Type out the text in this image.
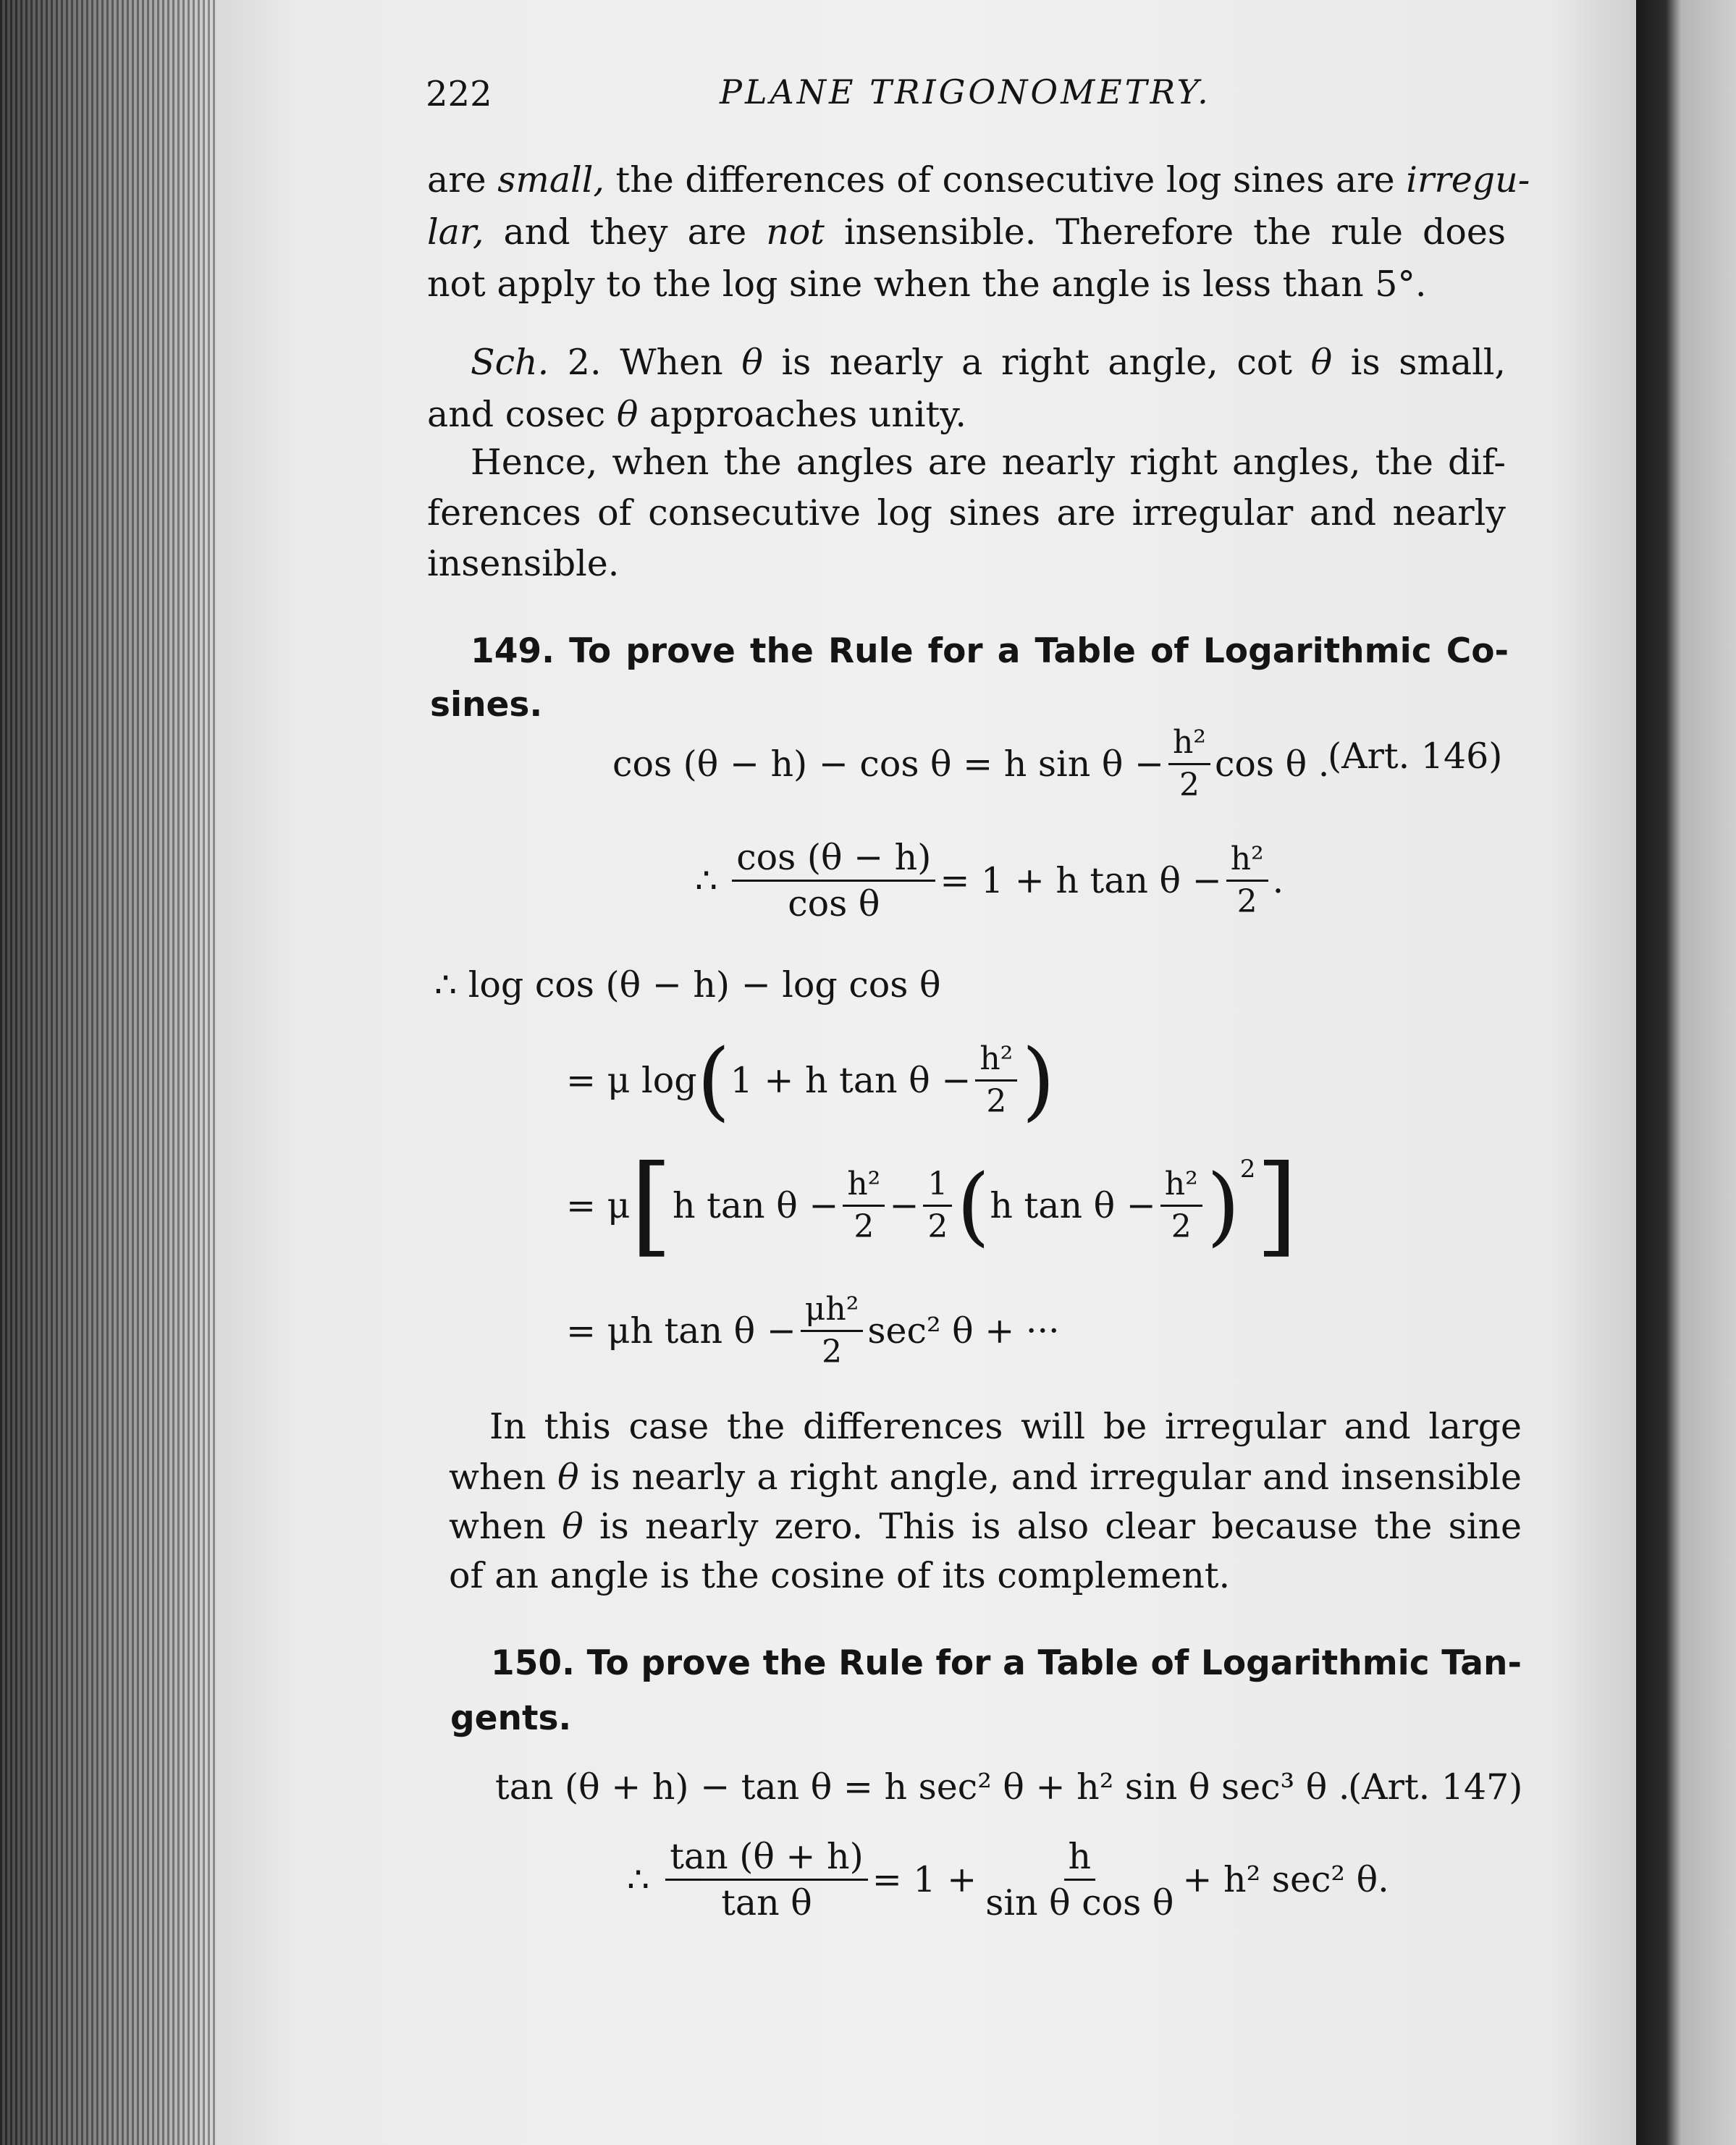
222	PLANE TRIGONOMETRY.
are small, the differences of consecutive log sines are irregu-
lar, and they are not insensible. Therefore the rule does
not apply to the log sine when the angle is less than 5°.
Sch. 2. When θ is nearly a right angle, cot θ is small,
and cosec θ approaches unity.
Hence, when the angles are nearly right angles, the dif-
ferences of consecutive log sines are irregular and nearly
insensible.
149. To prove the Rule for a Table of Logarithmic Co-
sines.
cos (θ − h) − cos θ = h $\sin \theta - \frac{\text{h²}}{2}$ cos θ .
(Art. 146)
∴ $\frac{\cos (\theta - h)}{\text{cos θ}} = 1 + h$ $\tan \theta - \frac{\text{h²}}{2}$ .
∴ log cos (θ − h) − log cos θ
= μ log ( 1 + h $\tan \theta - \frac{\text{h²}}{2}$ )
= μ [ h $\tan \theta - \frac{\text{h²}}{2} - \frac{1}{2}$ ( h $\tan \theta - \frac{\text{h²}}{2}$ ) 2 ]
= μh $\tan \theta - \frac{\text{μh²}}{2} \sec^2$ θ + ···
In this case the differences will be irregular and large
when θ is nearly a right angle, and irregular and insensible
when θ is nearly zero. This is also clear because the sine
of an angle is the cosine of its complement.
150. To prove the Rule for a Table of Logarithmic Tan-
gents.
tan (θ + h) − tan θ = h sec² θ + h² sin θ sec³ θ .
(Art. 147)
∴ $\frac{\tan (\theta + h)}{\text{tan θ}} = 1 + \frac{h}{\text{sin θ cos θ}} + h^2$ sec² θ.
